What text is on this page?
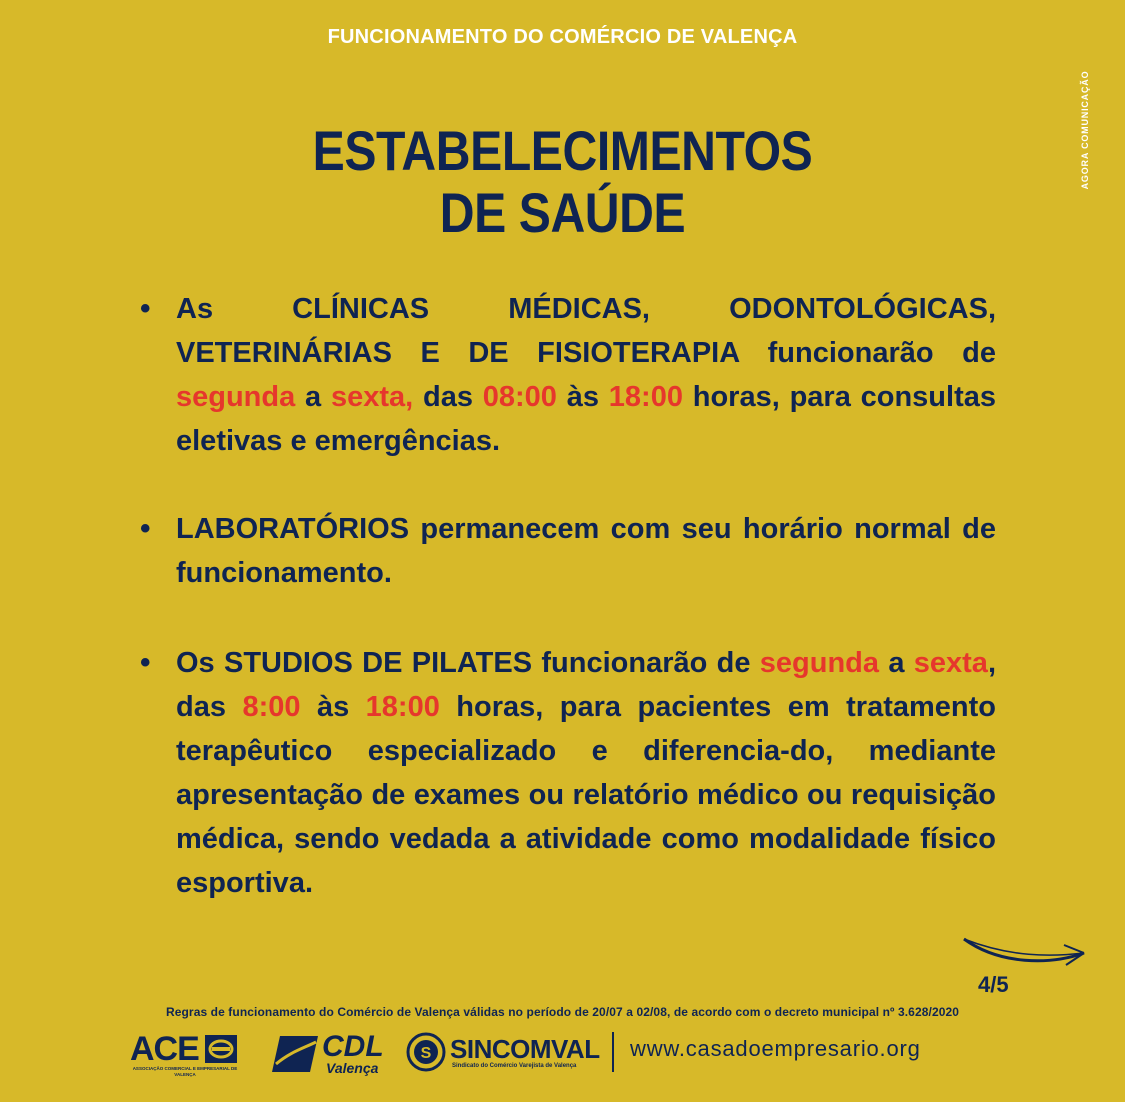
FUNCIONAMENTO DO COMÉRCIO DE VALENÇA
AGORA COMUNICAÇÃO
ESTABELECIMENTOS
DE SAÚDE
• As CLÍNICAS MÉDICAS, ODONTOLÓGICAS, VETERINÁRIAS E DE FISIOTERAPIA funcionarão de segunda a sexta, das 08:00 às 18:00 horas, para consultas eletivas e emergências.
• LABORATÓRIOS permanecem com seu horário normal de funcionamento.
• Os STUDIOS DE PILATES funcionarão de segunda a sexta, das 8:00 às 18:00 horas, para pacientes em tratamento terapêutico especializado e diferencia-do, mediante apresentação de exames ou relatório médico ou requisição médica, sendo vedada a atividade como modalidade físico esportiva.
4/5
Regras de funcionamento do Comércio de Valença válidas no período de 20/07 a 02/08, de acordo com o decreto municipal nº 3.628/2020
ACE
ASSOCIAÇÃO COMERCIAL E EMPRESARIAL DE VALENÇA
CDL
Valença
S SINCOMVAL
Sindicato do Comércio Varejista de Valença
www.casadoempresario.org
